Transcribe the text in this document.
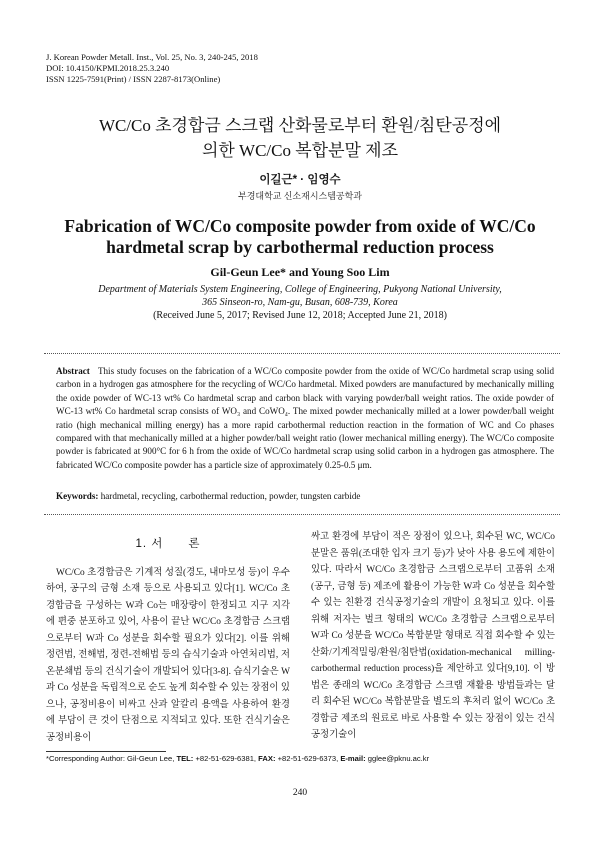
J. Korean Powder Metall. Inst., Vol. 25, No. 3, 240-245, 2018
DOI: 10.4150/KPMI.2018.25.3.240
ISSN 1225-7591(Print) / ISSN 2287-8173(Online)
WC/Co 초경합금 스크랩 산화물로부터 환원/침탄공정에
의한 WC/Co 복합분말 제조
이길근* · 임영수
부경대학교 신소재시스템공학과
Fabrication of WC/Co composite powder from oxide of WC/Co
hardmetal scrap by carbothermal reduction process
Gil-Geun Lee* and Young Soo Lim
Department of Materials System Engineering, College of Engineering, Pukyong National University,
365 Sinseon-ro, Nam-gu, Busan, 608-739, Korea
(Received June 5, 2017; Revised June 12, 2018; Accepted June 21, 2018)
Abstract This study focuses on the fabrication of a WC/Co composite powder from the oxide of WC/Co hardmetal scrap using solid carbon in a hydrogen gas atmosphere for the recycling of WC/Co hardmetal. Mixed powders are manufactured by mechanically milling the oxide powder of WC-13 wt% Co hardmetal scrap and carbon black with varying powder/ball weight ratios. The oxide powder of WC-13 wt% Co hardmetal scrap consists of WO₃ and CoWO₄. The mixed powder mechanically milled at a lower powder/ball weight ratio (high mechanical milling energy) has a more rapid carbothermal reduction reaction in the formation of WC and Co phases compared with that mechanically milled at a higher powder/ball weight ratio (lower mechanical milling energy). The WC/Co composite powder is fabricated at 900°C for 6 h from the oxide of WC/Co hardmetal scrap using solid carbon in a hydrogen gas atmosphere. The fabricated WC/Co composite powder has a particle size of approximately 0.25-0.5 μm.
Keywords: hardmetal, recycling, carbothermal reduction, powder, tungsten carbide
1. 서　　론

WC/Co 초경합금은 기계적 성질(경도, 내마모성 등)이 우수하여, 공구의 금형 소재 등으로 사용되고 있다[1]. WC/Co 초경합금을 구성하는 W과 Co는 매장량이 한정되고 지구 지각에 편중 분포하고 있어, 사용이 끝난 WC/Co 초경합금 스크랩으로부터 W과 Co 성분을 회수할 필요가 있다[2]. 이를 위해 정련법, 전해법, 정련-전해법 등의 습식기술과 아연처리법, 저온분쇄법 등의 건식기술이 개발되어 있다[3-8]. 습식기술은 W과 Co 성분을 독립적으로 순도 높게 회수할 수 있는 장점이 있으나, 공정비용이 비싸고 산과 알칼리 용액을 사용하여 환경에 부담이 큰 것이 단점으로 지적되고 있다. 또한 건식기술은 공정비용이

싸고 환경에 부담이 적은 장점이 있으나, 회수된 WC, WC/Co 분말은 품위(조대한 입자 크기 등)가 낮아 사용 용도에 제한이 있다. 따라서 WC/Co 초경합금 스크랩으로부터 고품위 소재(공구, 금형 등) 제조에 활용이 가능한 W과 Co 성분을 회수할 수 있는 친환경 건식공정기술의 개발이 요청되고 있다. 이를 위해 저자는 벌크 형태의 WC/Co 초경합금 스크랩으로부터 W과 Co 성분을 WC/Co 복합분말 형태로 직접 회수할 수 있는 산화/기계적밀링/환원/침탄법(oxidation-mechanical milling-carbothermal reduction process)을 제안하고 있다[9,10]. 이 방법은 종래의 WC/Co 초경합금 스크랩 재활용 방법들과는 달리 회수된 WC/Co 복합분말을 별도의 후처리 없이 WC/Co 초경합금 제조의 원료로 바로 사용할 수 있는 장점이 있는 건식공정기술이

*Corresponding Author: Gil-Geun Lee, TEL: +82-51-629-6381, FAX: +82-51-629-6373, E-mail: gglee@pknu.ac.kr
240
